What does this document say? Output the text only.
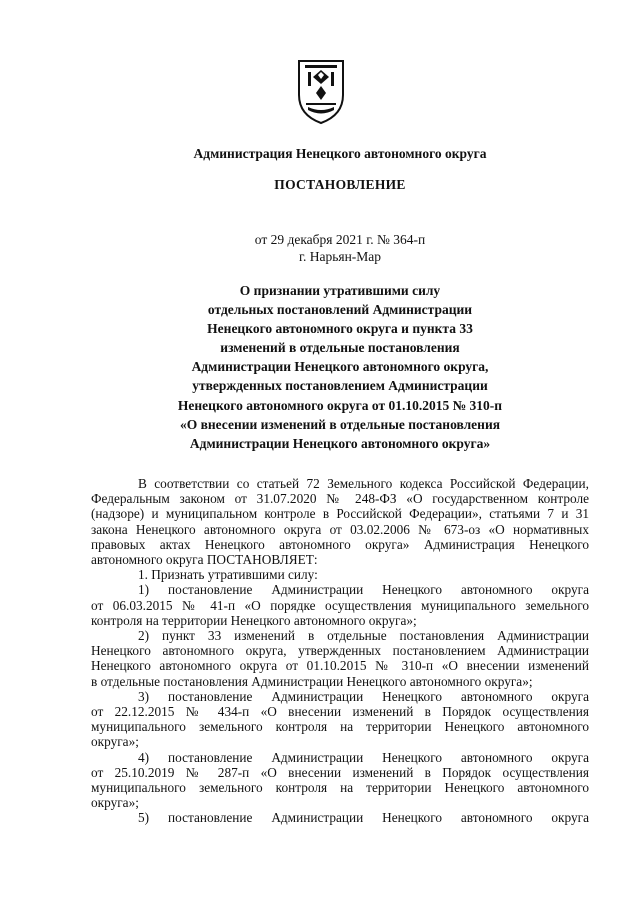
Администрация Ненецкого автономного округа
ПОСТАНОВЛЕНИЕ
от 29 декабря 2021 г. № 364-п
г. Нарьян-Мар
О признании утратившими силу
отдельных постановлений Администрации
Ненецкого автономного округа и пункта 33
изменений в отдельные постановления
Администрации Ненецкого автономного округа,
утвержденных постановлением Администрации
Ненецкого автономного округа от 01.10.2015 № 310-п
«О внесении изменений в отдельные постановления
Администрации Ненецкого автономного округа»
В соответствии со статьей 72 Земельного кодекса Российской Федерации,
Федеральным законом от 31.07.2020 № 248-ФЗ «О государственном контроле
(надзоре) и муниципальном контроле в Российской Федерации», статьями 7 и 31
закона Ненецкого автономного округа от 03.02.2006 № 673-оз «О нормативных
правовых актах Ненецкого автономного округа» Администрация Ненецкого
автономного округа ПОСТАНОВЛЯЕТ:
1. Признать утратившими силу:
1) постановление Администрации Ненецкого автономного округа
от 06.03.2015 № 41-п «О порядке осуществления муниципального земельного
контроля на территории Ненецкого автономного округа»;
2) пункт 33 изменений в отдельные постановления Администрации
Ненецкого автономного округа, утвержденных постановлением Администрации
Ненецкого автономного округа от 01.10.2015 № 310-п «О внесении изменений
в отдельные постановления Администрации Ненецкого автономного округа»;
3) постановление Администрации Ненецкого автономного округа
от 22.12.2015 № 434-п «О внесении изменений в Порядок осуществления
муниципального земельного контроля на территории Ненецкого автономного
округа»;
4) постановление Администрации Ненецкого автономного округа
от 25.10.2019 № 287-п «О внесении изменений в Порядок осуществления
муниципального земельного контроля на территории Ненецкого автономного
округа»;
5) постановление Администрации Ненецкого автономного округа
